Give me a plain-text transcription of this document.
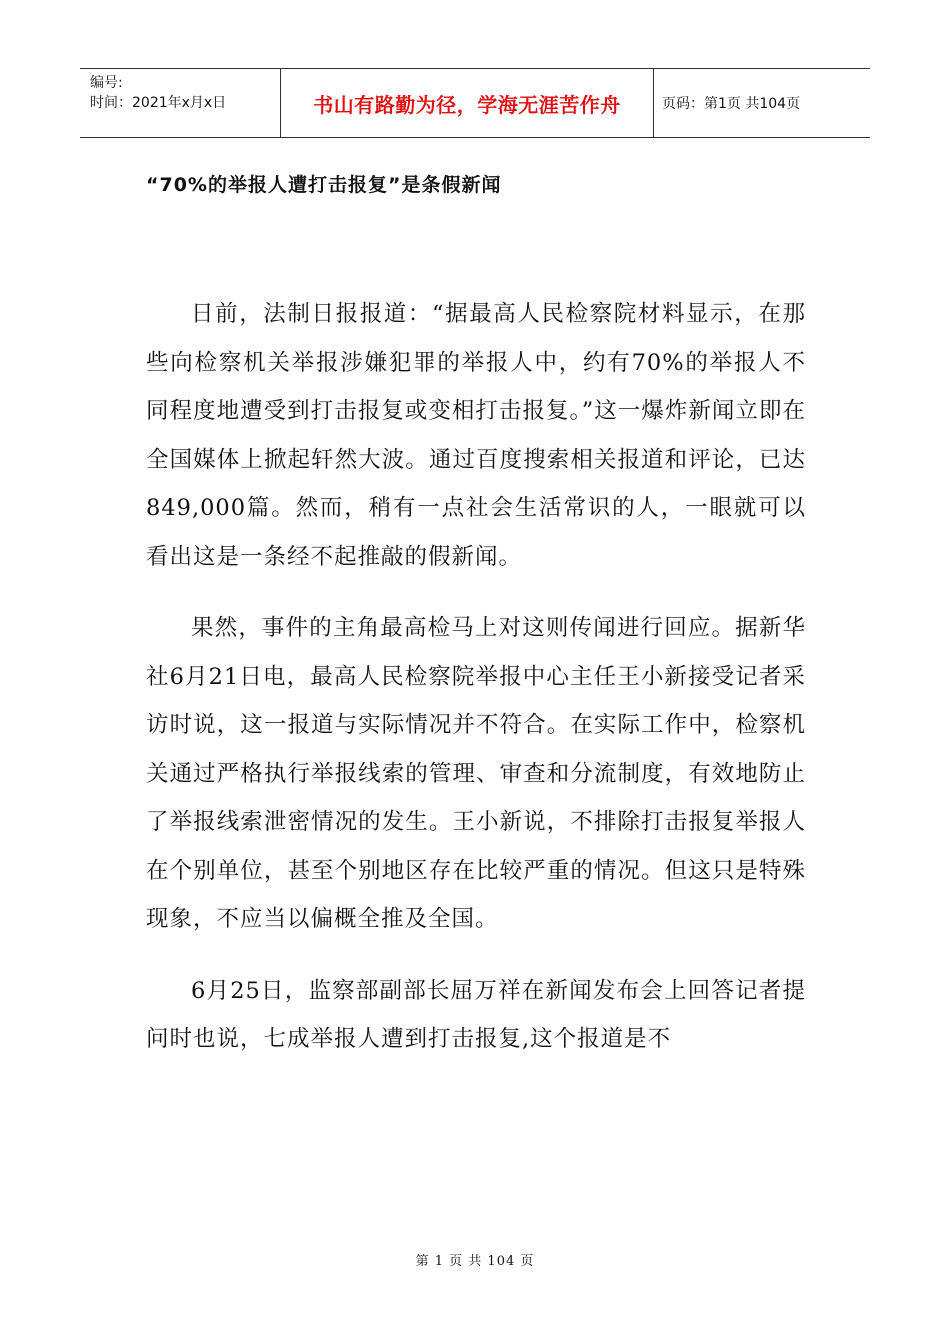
编号:
时间：2021年x月x日	书山有路勤为径，学海无涯苦作舟	页码：第1页 共104页
“70%的举报人遭打击报复”是条假新闻

日前，法制日报报道：“据最高人民检察院材料显示，在那些向检察机关举报涉嫌犯罪的举报人中，约有70%的举报人不同程度地遭受到打击报复或变相打击报复。”这一爆炸新闻立即在全国媒体上掀起轩然大波。通过百度搜索相关报道和评论，已达849,000篇。然而，稍有一点社会生活常识的人，一眼就可以看出这是一条经不起推敲的假新闻。

果然，事件的主角最高检马上对这则传闻进行回应。据新华社6月21日电，最高人民检察院举报中心主任王小新接受记者采访时说，这一报道与实际情况并不符合。在实际工作中，检察机关通过严格执行举报线索的管理、审查和分流制度，有效地防止了举报线索泄密情况的发生。王小新说，不排除打击报复举报人在个别单位，甚至个别地区存在比较严重的情况。但这只是特殊现象，不应当以偏概全推及全国。

6月25日，监察部副部长屈万祥在新闻发布会上回答记者提问时也说，七成举报人遭到打击报复,这个报道是不

第 1 页 共 104 页
